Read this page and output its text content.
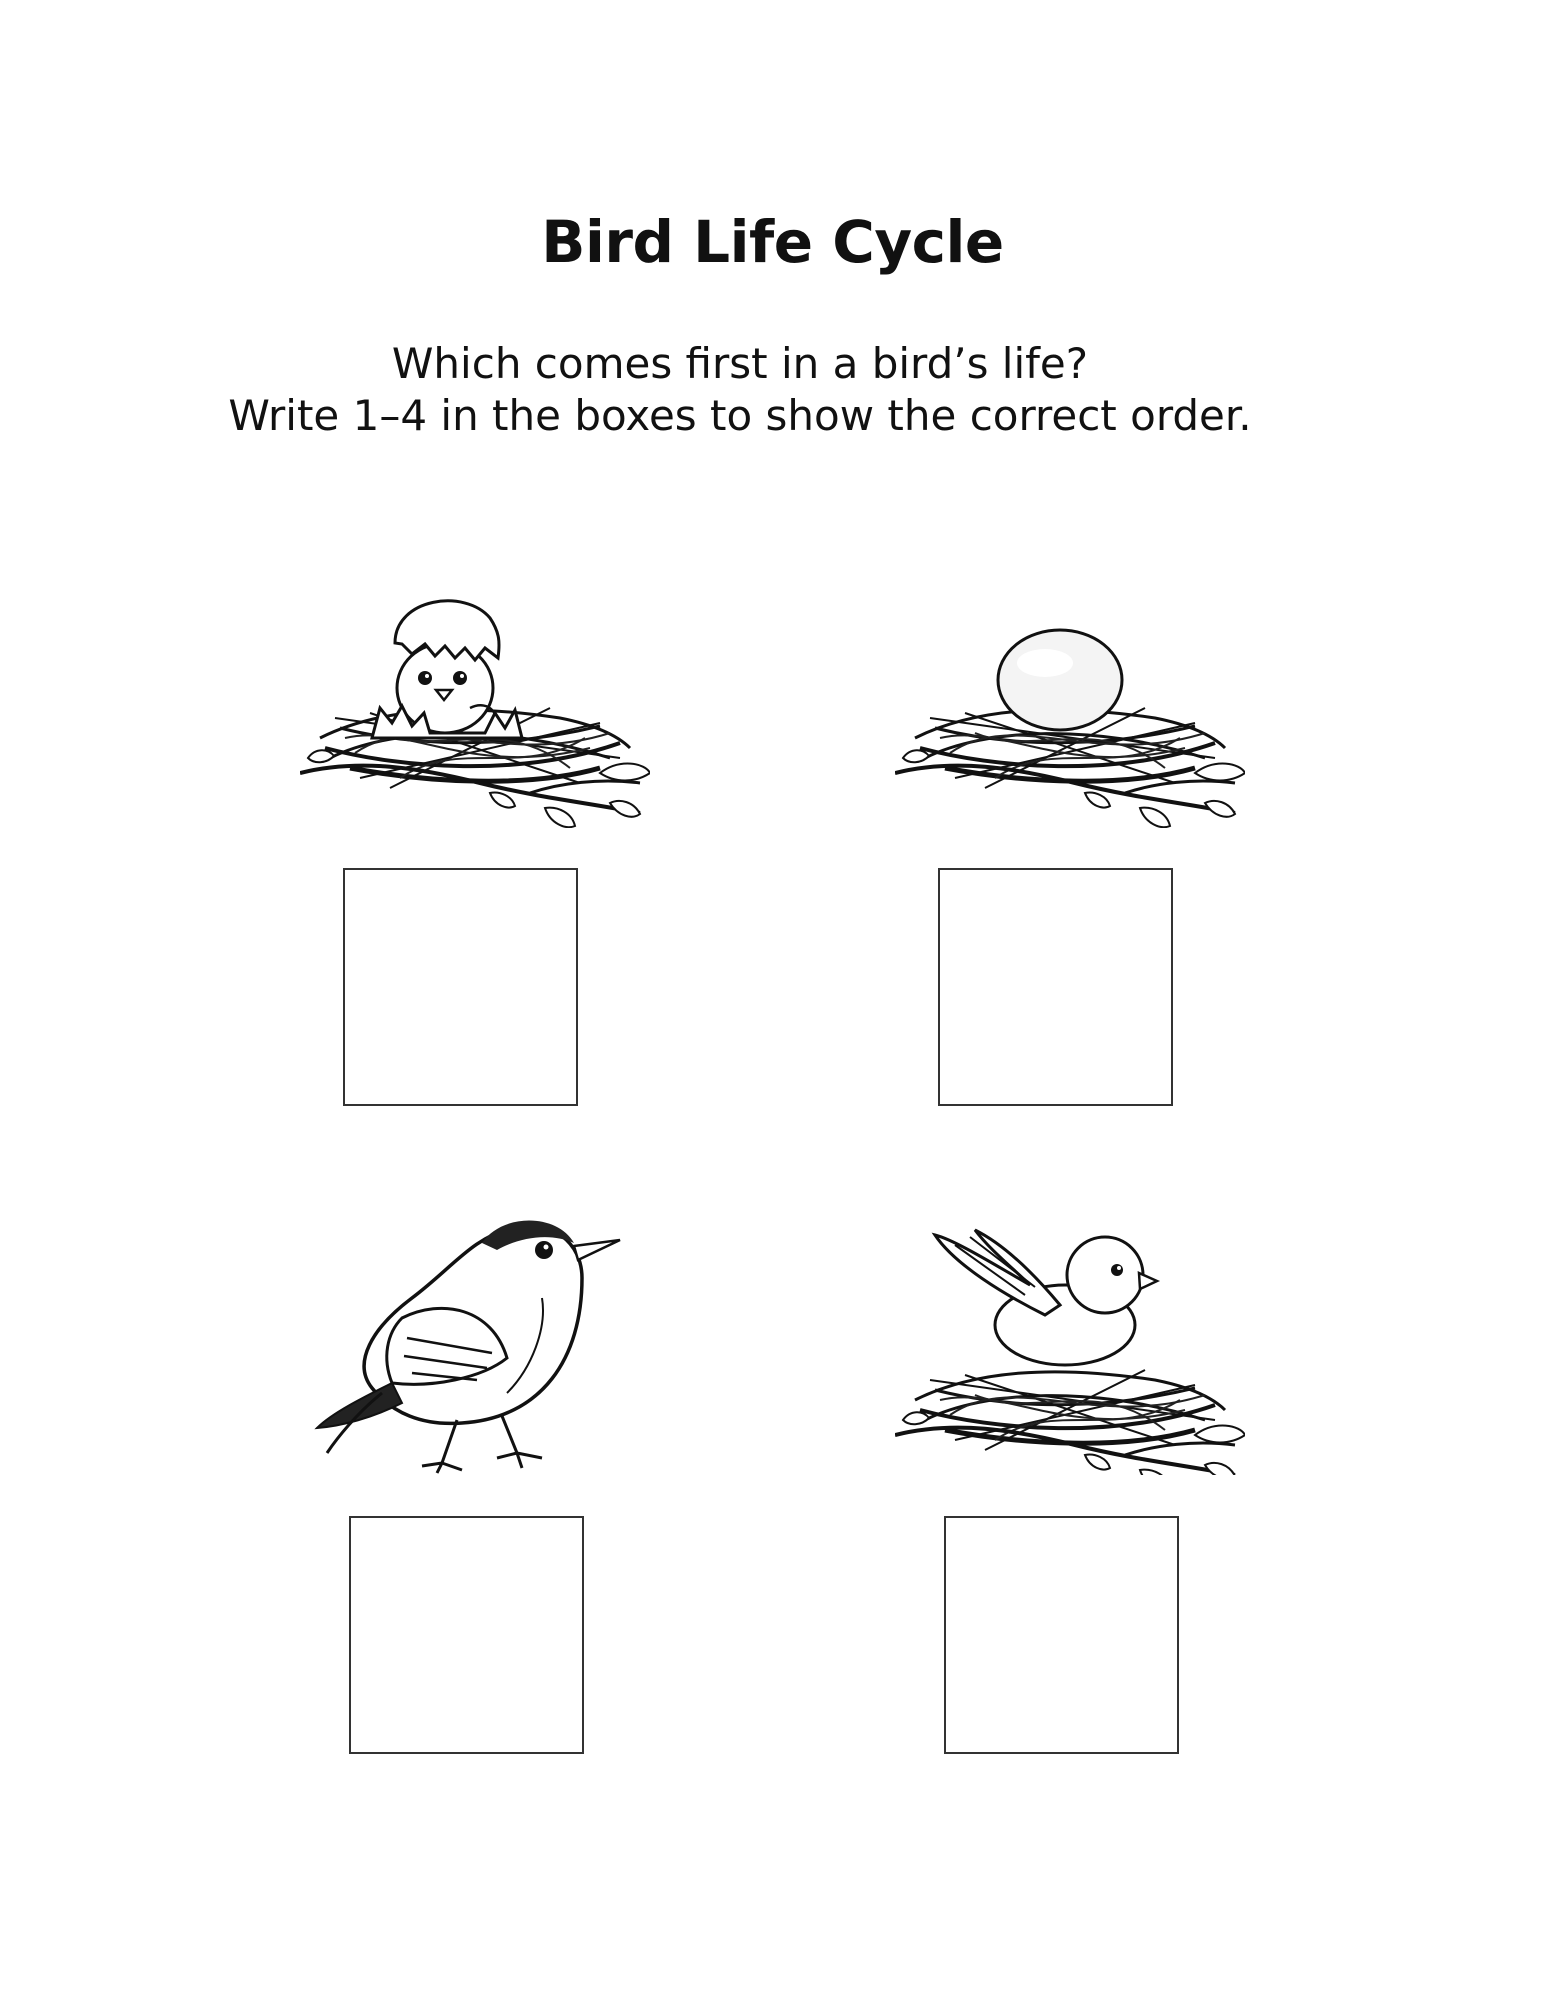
Bird Life Cycle
Which comes first in a bird’s life?
Write 1–4 in the boxes to show the correct order.
